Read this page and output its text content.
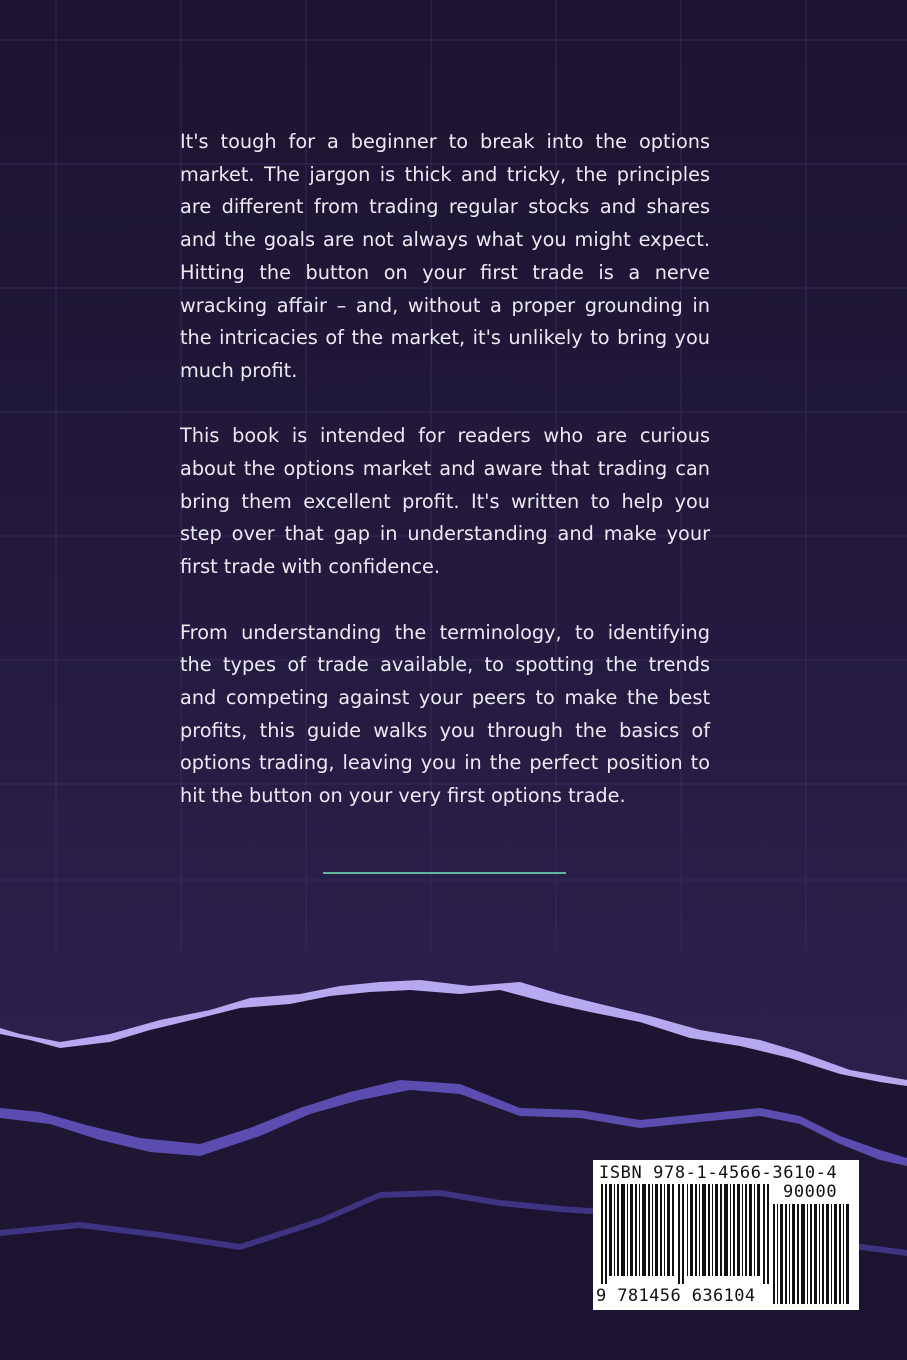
It's tough for a beginner to break into the options market. The jargon is thick and tricky, the principles are different from trading regular stocks and shares and the goals are not always what you might expect. Hitting the button on your first trade is a nerve wracking affair – and, without a proper grounding in the intricacies of the market, it's unlikely to bring you much profit.

This book is intended for readers who are curious about the options market and aware that trading can bring them excellent profit. It's written to help you step over that gap in understanding and make your first trade with confidence.

From understanding the terminology, to identifying the types of trade available, to spotting the trends and competing against your peers to make the best profits, this guide walks you through the basics of options trading, leaving you in the perfect position to hit the button on your very first options trade.

ISBN 978-1-4566-3610-4
90000
9 781456 636104
